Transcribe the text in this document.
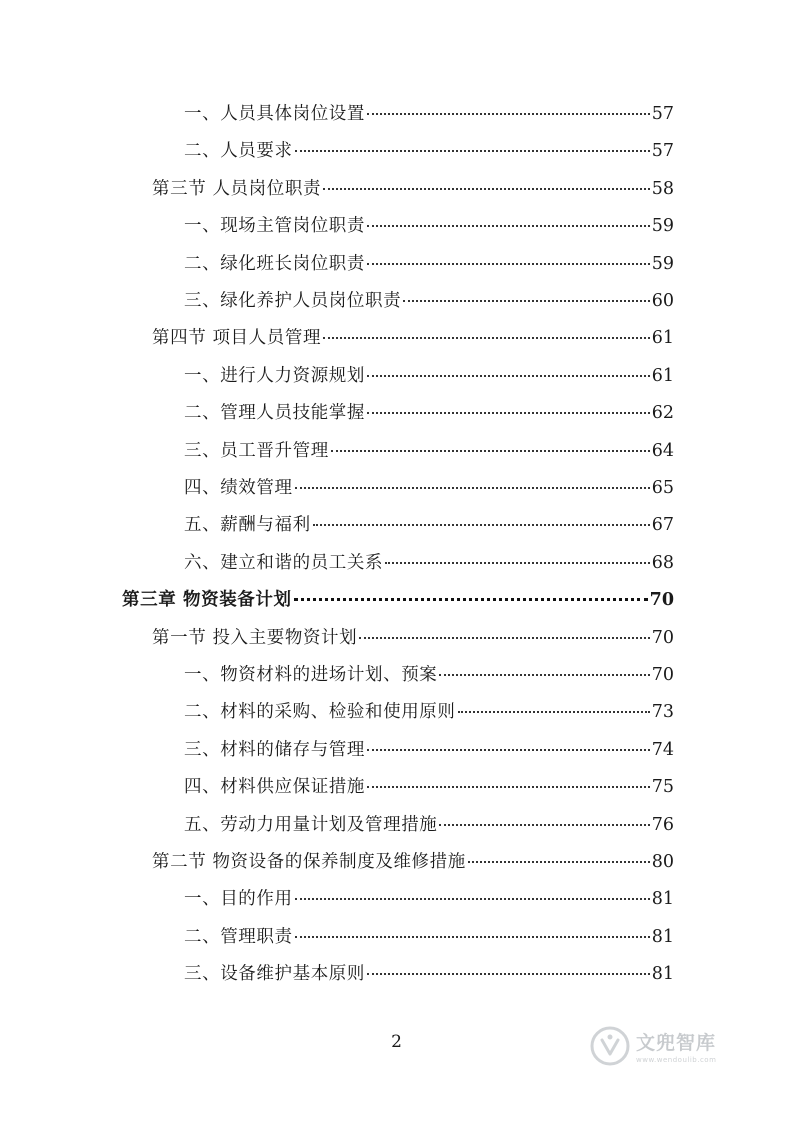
一、人员具体岗位设置	57
二、人员要求	57
第三节 人员岗位职责	58
一、现场主管岗位职责	59
二、绿化班长岗位职责	59
三、绿化养护人员岗位职责	60
第四节 项目人员管理	61
一、进行人力资源规划	61
二、管理人员技能掌握	62
三、员工晋升管理	64
四、绩效管理	65
五、薪酬与福利	67
六、建立和谐的员工关系	68
第三章 物资装备计划	70
第一节 投入主要物资计划	70
一、物资材料的进场计划、预案	70
二、材料的采购、检验和使用原则	73
三、材料的储存与管理	74
四、材料供应保证措施	75
五、劳动力用量计划及管理措施	76
第二节 物资设备的保养制度及维修措施	80
一、目的作用	81
二、管理职责	81
三、设备维护基本原则	81
2	文兜智库
www.wendoulib.com
